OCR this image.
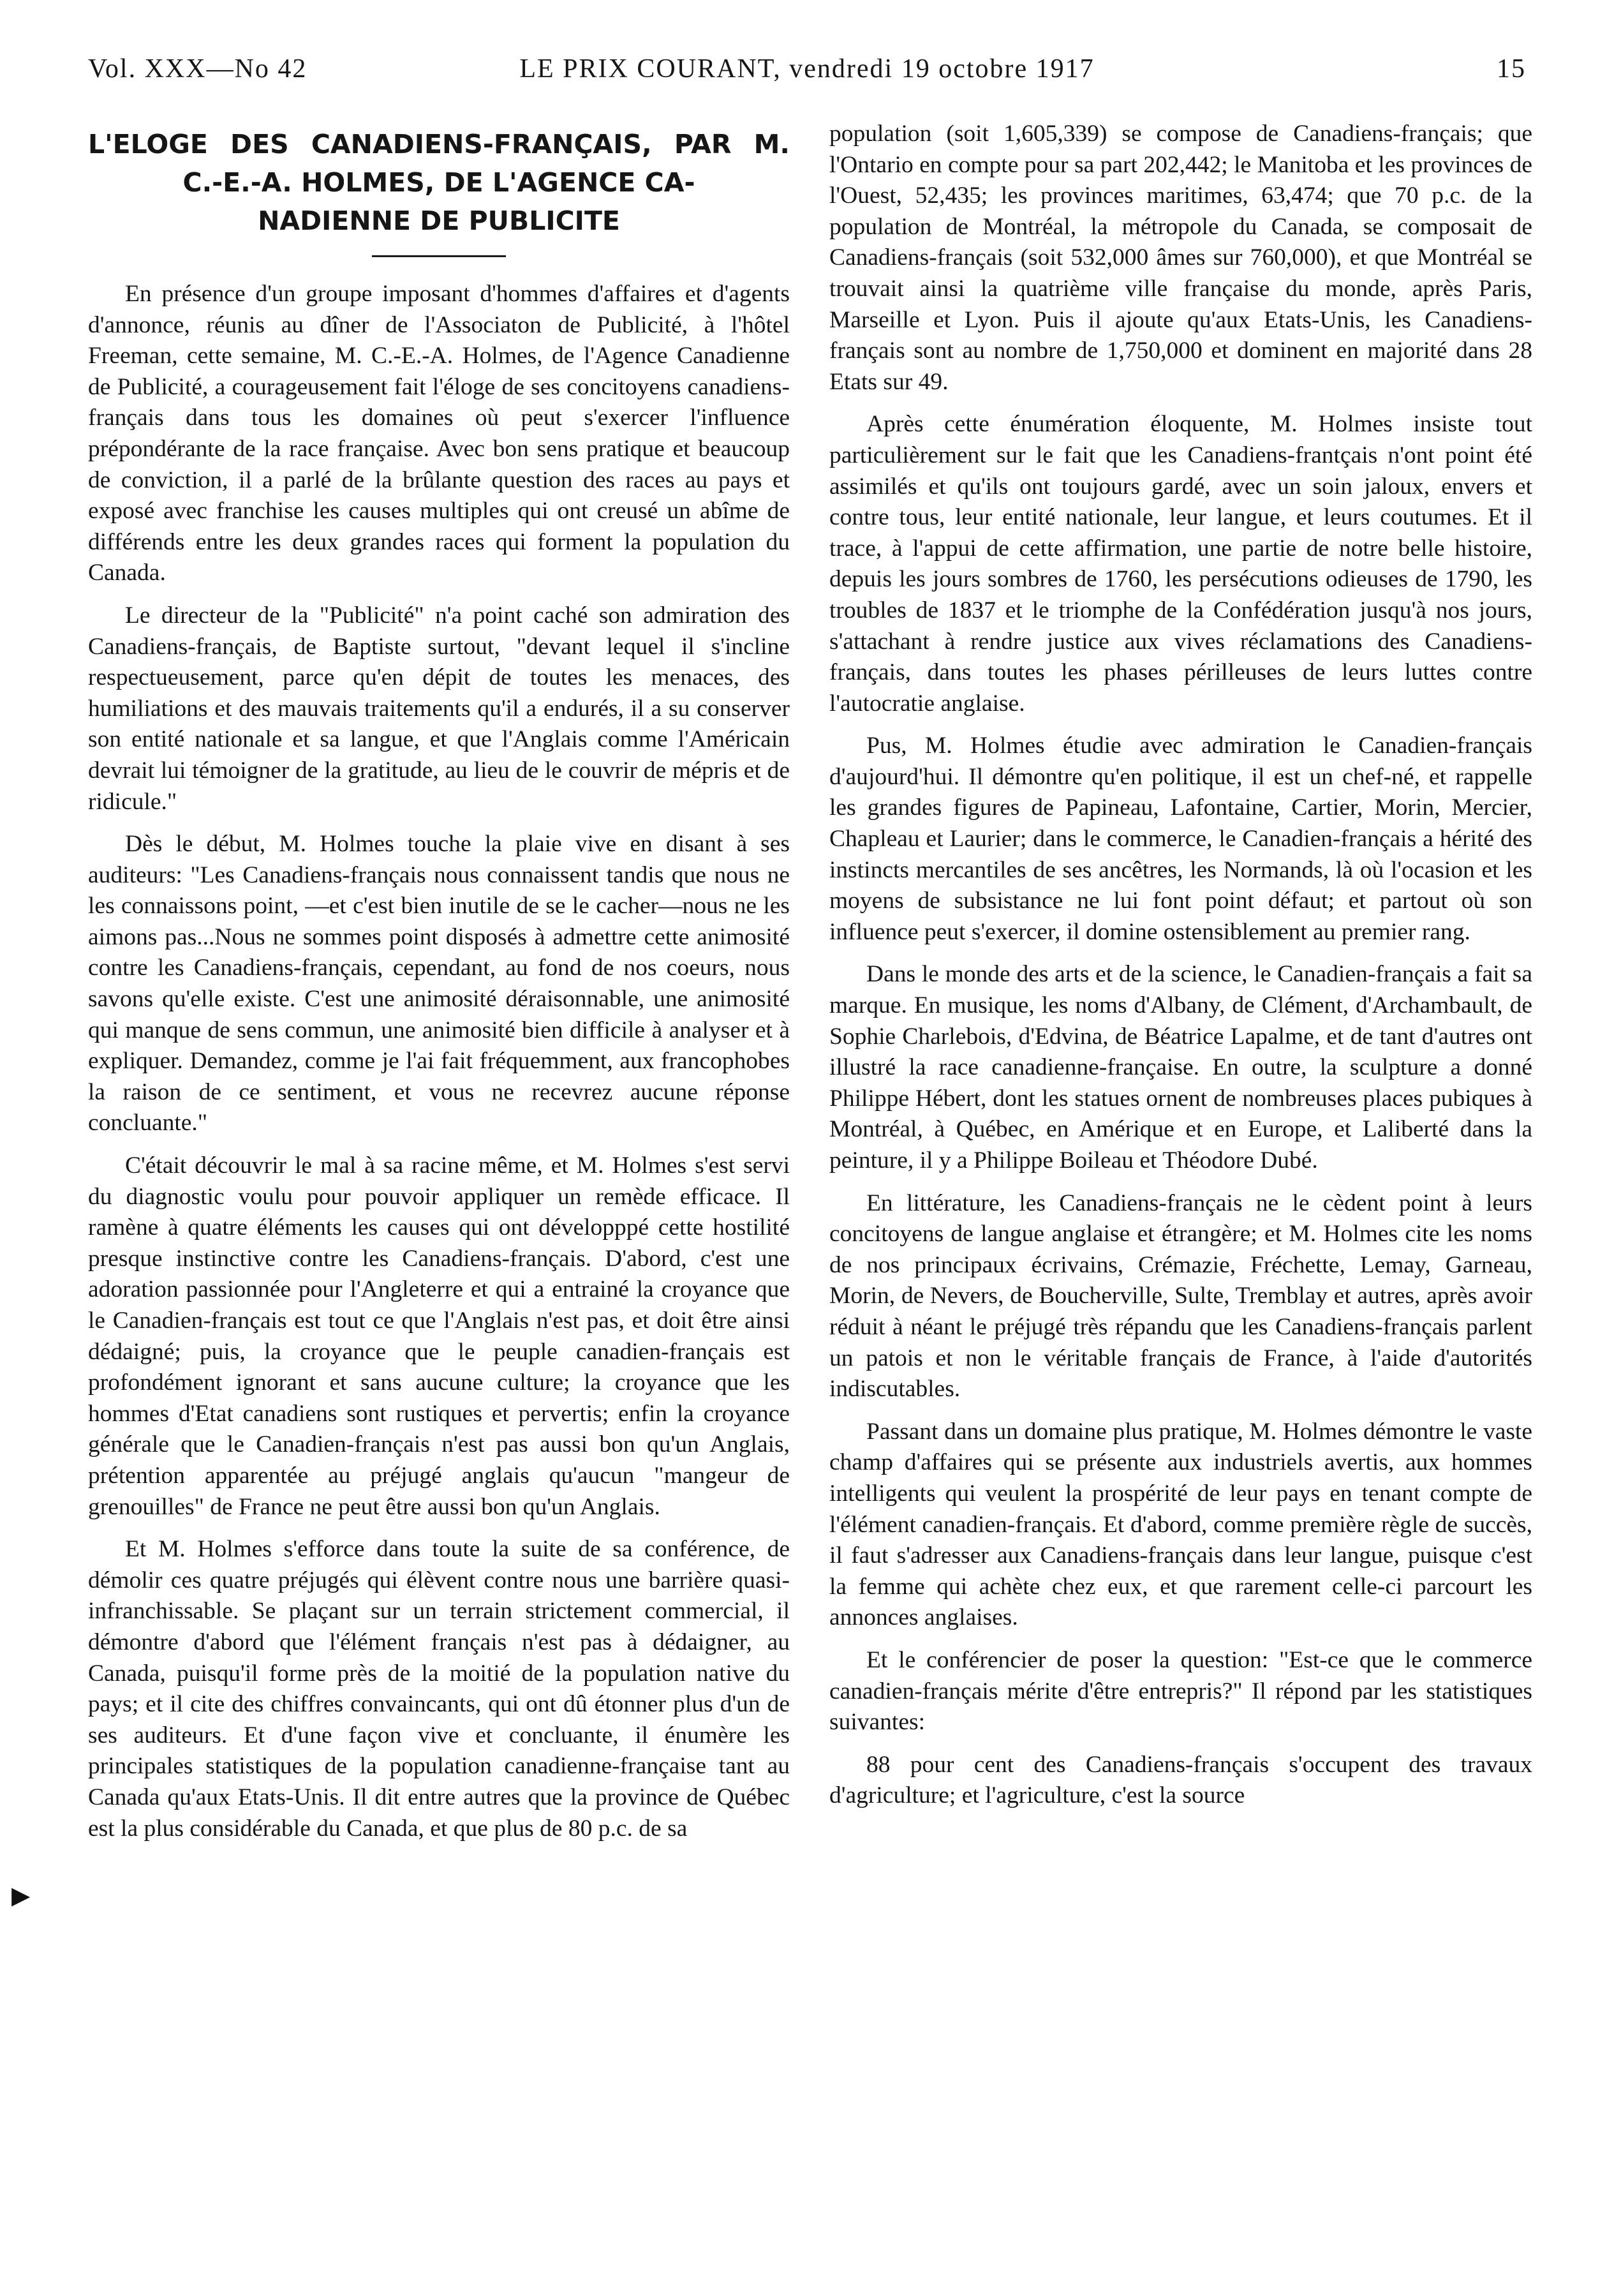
Vol. XXX—No 42	LE PRIX COURANT, vendredi 19 octobre 1917	15
L'ELOGE DES CANADIENS-FRANÇAIS, PAR M.
C.-E.-A. HOLMES, DE L'AGENCE CA-
NADIENNE DE PUBLICITE

En présence d'un groupe imposant d'hommes d'affaires et d'agents d'annonce, réunis au dîner de l'Associaton de Publicité, à l'hôtel Freeman, cette semaine, M. C.-E.-A. Holmes, de l'Agence Canadienne de Publicité, a courageusement fait l'éloge de ses concitoyens canadiens-français dans tous les domaines où peut s'exercer l'influence prépondérante de la race française. Avec bon sens pratique et beaucoup de conviction, il a parlé de la brûlante question des races au pays et exposé avec franchise les causes multiples qui ont creusé un abîme de différends entre les deux grandes races qui forment la population du Canada.

Le directeur de la "Publicité" n'a point caché son admiration des Canadiens-français, de Baptiste surtout, "devant lequel il s'incline respectueusement, parce qu'en dépit de toutes les menaces, des humiliations et des mauvais traitements qu'il a endurés, il a su conserver son entité nationale et sa langue, et que l'Anglais comme l'Américain devrait lui témoigner de la gratitude, au lieu de le couvrir de mépris et de ridicule."

Dès le début, M. Holmes touche la plaie vive en disant à ses auditeurs: "Les Canadiens-français nous connaissent tandis que nous ne les connaissons point, —et c'est bien inutile de se le cacher—nous ne les aimons pas...Nous ne sommes point disposés à admettre cette animosité contre les Canadiens-français, cependant, au fond de nos coeurs, nous savons qu'elle existe. C'est une animosité déraisonnable, une animosité qui manque de sens commun, une animosité bien difficile à analyser et à expliquer. Demandez, comme je l'ai fait fréquemment, aux francophobes la raison de ce sentiment, et vous ne recevrez aucune réponse concluante."

C'était découvrir le mal à sa racine même, et M. Holmes s'est servi du diagnostic voulu pour pouvoir appliquer un remède efficace. Il ramène à quatre éléments les causes qui ont développpé cette hostilité presque instinctive contre les Canadiens-français. D'abord, c'est une adoration passionnée pour l'Angleterre et qui a entrainé la croyance que le Canadien-français est tout ce que l'Anglais n'est pas, et doit être ainsi dédaigné; puis, la croyance que le peuple canadien-français est profondément ignorant et sans aucune culture; la croyance que les hommes d'Etat canadiens sont rustiques et pervertis; enfin la croyance générale que le Canadien-français n'est pas aussi bon qu'un Anglais, prétention apparentée au préjugé anglais qu'aucun "mangeur de grenouilles" de France ne peut être aussi bon qu'un Anglais.

Et M. Holmes s'efforce dans toute la suite de sa conférence, de démolir ces quatre préjugés qui élèvent contre nous une barrière quasi-infranchissable. Se plaçant sur un terrain strictement commercial, il démontre d'abord que l'élément français n'est pas à dédaigner, au Canada, puisqu'il forme près de la moitié de la population native du pays; et il cite des chiffres convaincants, qui ont dû étonner plus d'un de ses auditeurs. Et d'une façon vive et concluante, il énumère les principales statistiques de la population canadienne-française tant au Canada qu'aux Etats-Unis. Il dit entre autres que la province de Québec est la plus considérable du Canada, et que plus de 80 p.c. de sa

population (soit 1,605,339) se compose de Canadiens-français; que l'Ontario en compte pour sa part 202,442; le Manitoba et les provinces de l'Ouest, 52,435; les provinces maritimes, 63,474; que 70 p.c. de la population de Montréal, la métropole du Canada, se composait de Canadiens-français (soit 532,000 âmes sur 760,000), et que Montréal se trouvait ainsi la quatrième ville française du monde, après Paris, Marseille et Lyon. Puis il ajoute qu'aux Etats-Unis, les Canadiens-français sont au nombre de 1,750,000 et dominent en majorité dans 28 Etats sur 49.

Après cette énumération éloquente, M. Holmes insiste tout particulièrement sur le fait que les Canadiens-frantçais n'ont point été assimilés et qu'ils ont toujours gardé, avec un soin jaloux, envers et contre tous, leur entité nationale, leur langue, et leurs coutumes. Et il trace, à l'appui de cette affirmation, une partie de notre belle histoire, depuis les jours sombres de 1760, les persécutions odieuses de 1790, les troubles de 1837 et le triomphe de la Confédération jusqu'à nos jours, s'attachant à rendre justice aux vives réclamations des Canadiens-français, dans toutes les phases périlleuses de leurs luttes contre l'autocratie anglaise.

Pus, M. Holmes étudie avec admiration le Canadien-français d'aujourd'hui. Il démontre qu'en politique, il est un chef-né, et rappelle les grandes figures de Papineau, Lafontaine, Cartier, Morin, Mercier, Chapleau et Laurier; dans le commerce, le Canadien-français a hérité des instincts mercantiles de ses ancêtres, les Normands, là où l'ocasion et les moyens de subsistance ne lui font point défaut; et partout où son influence peut s'exercer, il domine ostensiblement au premier rang.

Dans le monde des arts et de la science, le Canadien-français a fait sa marque. En musique, les noms d'Albany, de Clément, d'Archambault, de Sophie Charlebois, d'Edvina, de Béatrice Lapalme, et de tant d'autres ont illustré la race canadienne-française. En outre, la sculpture a donné Philippe Hébert, dont les statues ornent de nombreuses places pubiques à Montréal, à Québec, en Amérique et en Europe, et Laliberté dans la peinture, il y a Philippe Boileau et Théodore Dubé.

En littérature, les Canadiens-français ne le cèdent point à leurs concitoyens de langue anglaise et étrangère; et M. Holmes cite les noms de nos principaux écrivains, Crémazie, Fréchette, Lemay, Garneau, Morin, de Nevers, de Boucherville, Sulte, Tremblay et autres, après avoir réduit à néant le préjugé très répandu que les Canadiens-français parlent un patois et non le véritable français de France, à l'aide d'autorités indiscutables.

Passant dans un domaine plus pratique, M. Holmes démontre le vaste champ d'affaires qui se présente aux industriels avertis, aux hommes intelligents qui veulent la prospérité de leur pays en tenant compte de l'élément canadien-français. Et d'abord, comme première règle de succès, il faut s'adresser aux Canadiens-français dans leur langue, puisque c'est la femme qui achète chez eux, et que rarement celle-ci parcourt les annonces anglaises.

Et le conférencier de poser la question: "Est-ce que le commerce canadien-français mérite d'être entrepris?" Il répond par les statistiques suivantes:

88 pour cent des Canadiens-français s'occupent des travaux d'agriculture; et l'agriculture, c'est la source

▶
